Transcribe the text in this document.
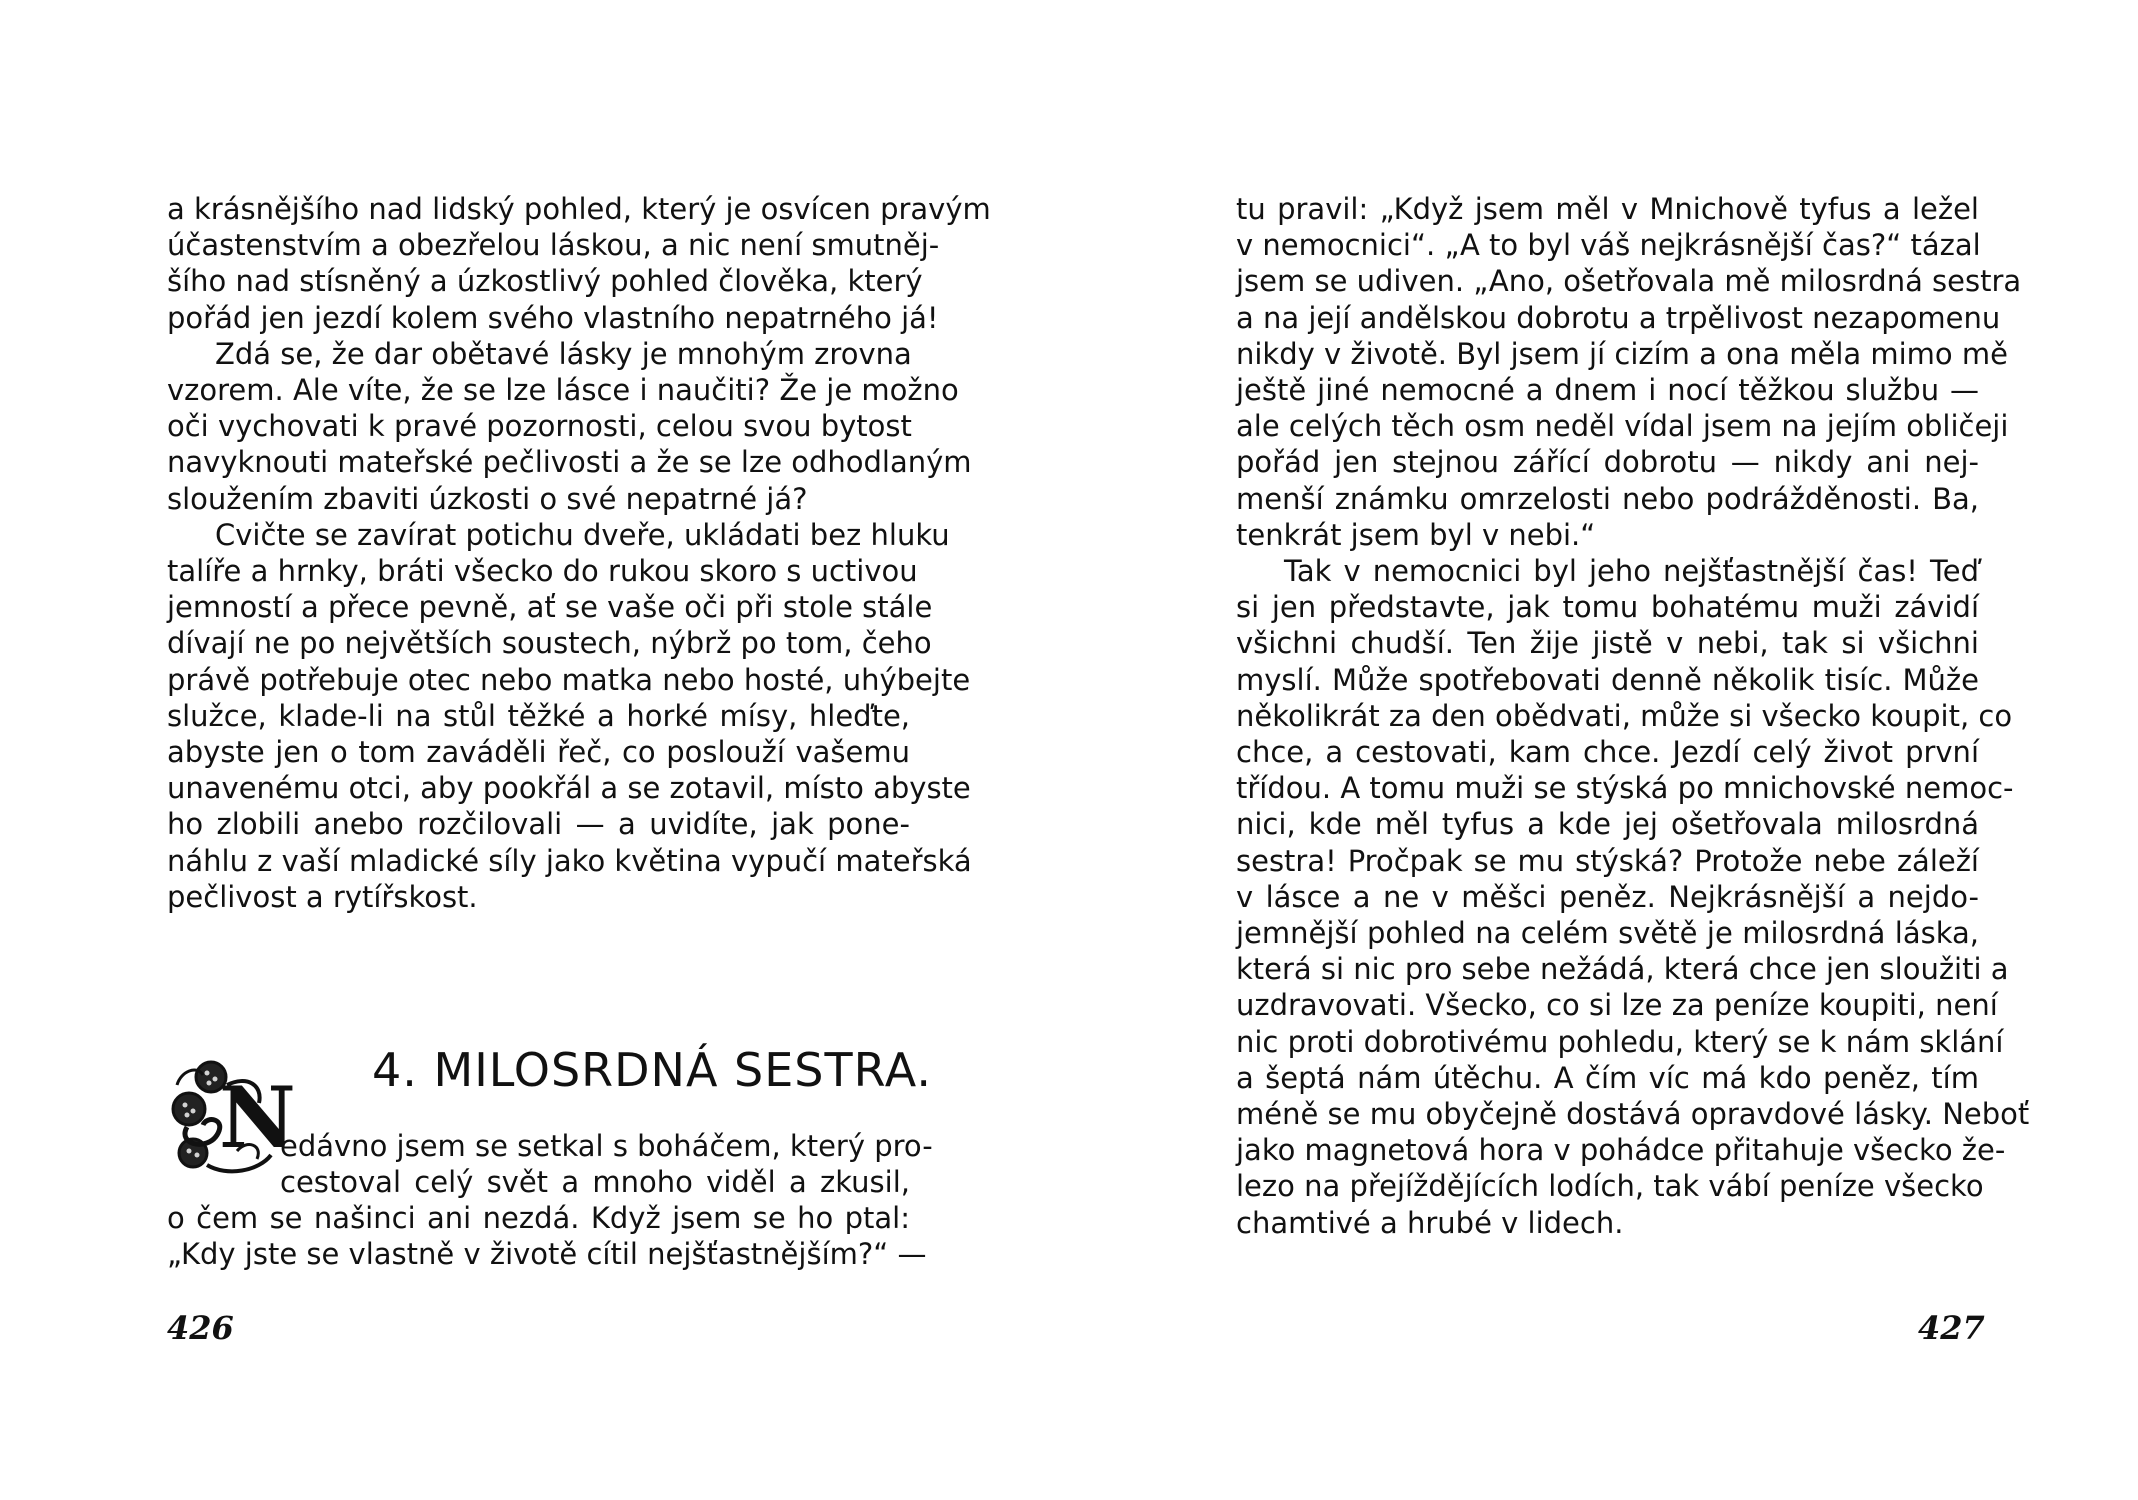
a krásnějšího nad lidský pohled, který je osvícen pravým
účastenstvím a obezřelou láskou, a nic není smutněj-
šího nad stísněný a úzkostlivý pohled člověka, který
pořád jen jezdí kolem svého vlastního nepatrného já!
Zdá se, že dar obětavé lásky je mnohým zrovna
vzorem. Ale víte, že se lze lásce i naučiti? Že je možno
oči vychovati k pravé pozornosti, celou svou bytost
navyknouti mateřské pečlivosti a že se lze odhodlaným
sloužením zbaviti úzkosti o své nepatrné já?
Cvičte se zavírat potichu dveře, ukládati bez hluku
talíře a hrnky, bráti všecko do rukou skoro s uctivou
jemností a přece pevně, ať se vaše oči při stole stále
dívají ne po největších soustech, nýbrž po tom, čeho
právě potřebuje otec nebo matka nebo hosté, uhýbejte
služce, klade-li na stůl těžké a horké mísy, hleďte,
abyste jen o tom zaváděli řeč, co poslouží vašemu
unavenému otci, aby pookřál a se zotavil, místo abyste
ho zlobili anebo rozčilovali — a uvidíte, jak pone-
náhlu z vaší mladické síly jako květina vypučí mateřská
pečlivost a rytířskost.
N 4. MILOSRDNÁ SESTRA.
edávno jsem se setkal s boháčem, který pro-
cestoval celý svět a mnoho viděl a zkusil,
o čem se našinci ani nezdá. Když jsem se ho ptal:
„Kdy jste se vlastně v životě cítil nejšťastnějším?“ —
426
tu pravil: „Když jsem měl v Mnichově tyfus a ležel
v nemocnici“. „A to byl váš nejkrásnější čas?“ tázal
jsem se udiven. „Ano, ošetřovala mě milosrdná sestra
a na její andělskou dobrotu a trpělivost nezapomenu
nikdy v životě. Byl jsem jí cizím a ona měla mimo mě
ještě jiné nemocné a dnem i nocí těžkou službu —
ale celých těch osm neděl vídal jsem na jejím obličeji
pořád jen stejnou zářící dobrotu — nikdy ani nej-
menší známku omrzelosti nebo podrážděnosti. Ba,
tenkrát jsem byl v nebi.“
Tak v nemocnici byl jeho nejšťastnější čas! Teď
si jen představte, jak tomu bohatému muži závidí
všichni chudší. Ten žije jistě v nebi, tak si všichni
myslí. Může spotřebovati denně několik tisíc. Může
několikrát za den obědvati, může si všecko koupit, co
chce, a cestovati, kam chce. Jezdí celý život první
třídou. A tomu muži se stýská po mnichovské nemoc-
nici, kde měl tyfus a kde jej ošetřovala milosrdná
sestra! Pročpak se mu stýská? Protože nebe záleží
v lásce a ne v měšci peněz. Nejkrásnější a nejdo-
jemnější pohled na celém světě je milosrdná láska,
která si nic pro sebe nežádá, která chce jen sloužiti a
uzdravovati. Všecko, co si lze za peníze koupiti, není
nic proti dobrotivému pohledu, který se k nám sklání
a šeptá nám útěchu. A čím víc má kdo peněz, tím
méně se mu obyčejně dostává opravdové lásky. Neboť
jako magnetová hora v pohádce přitahuje všecko že-
lezo na přejíždějících lodích, tak vábí peníze všecko
chamtivé a hrubé v lidech.
427
